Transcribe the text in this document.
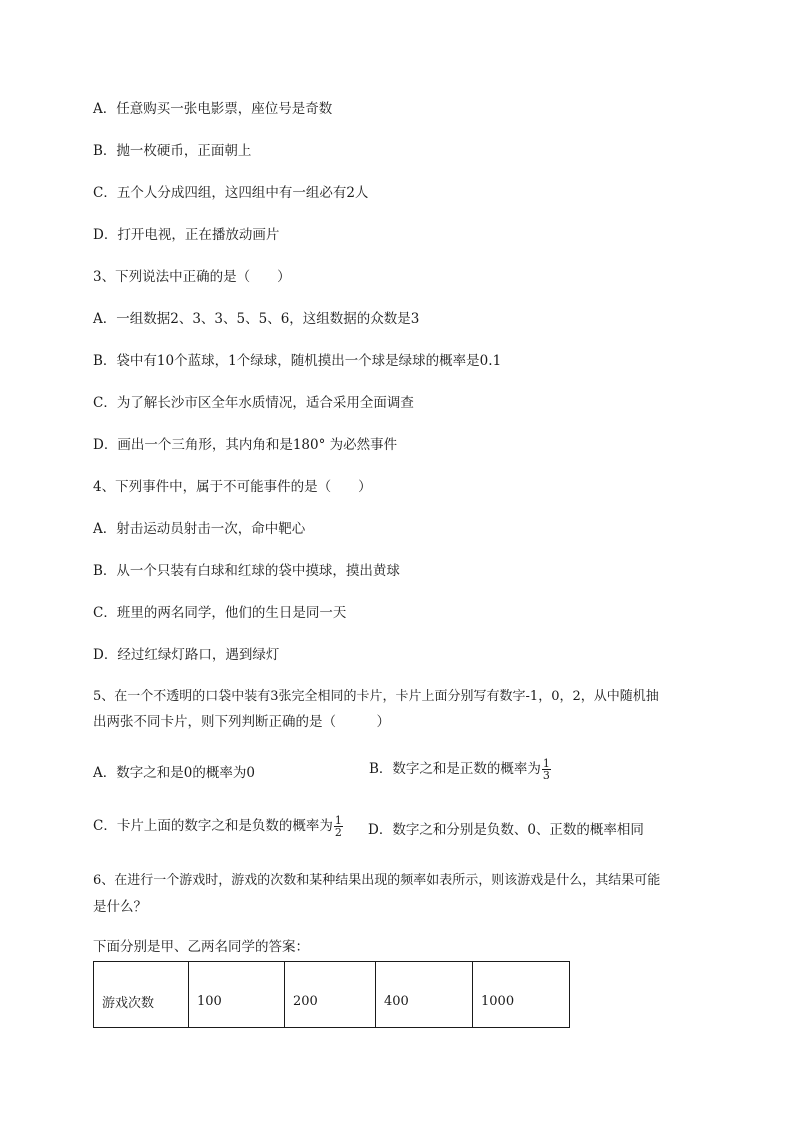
A．任意购买一张电影票，座位号是奇数
B．抛一枚硬币，正面朝上
C．五个人分成四组，这四组中有一组必有2人
D．打开电视，正在播放动画片
3、下列说法中正确的是（　　）
A．一组数据2、3、3、5、5、6，这组数据的众数是3
B．袋中有10个蓝球，1个绿球，随机摸出一个球是绿球的概率是0.1
C．为了解长沙市区全年水质情况，适合采用全面调查
D．画出一个三角形，其内角和是180° 为必然事件
4、下列事件中，属于不可能事件的是（　　）
A．射击运动员射击一次，命中靶心
B．从一个只装有白球和红球的袋中摸球，摸出黄球
C．班里的两名同学，他们的生日是同一天
D．经过红绿灯路口，遇到绿灯
5、在一个不透明的口袋中装有3张完全相同的卡片，卡片上面分别写有数字-1，0，2，从中随机抽
出两张不同卡片，则下列判断正确的是（　　　）
A．数字之和是0的概率为0	B．数字之和是正数的概率为 $\frac{1}{3}$
C．卡片上面的数字之和是负数的概率为 $\frac{1}{2}$ D．数字之和分别是负数、0、正数的概率相同
6、在进行一个游戏时，游戏的次数和某种结果出现的频率如表所示，则该游戏是什么，其结果可能
是什么？
下面分别是甲、乙两名同学的答案：
游戏次数	100	200	400	1000
